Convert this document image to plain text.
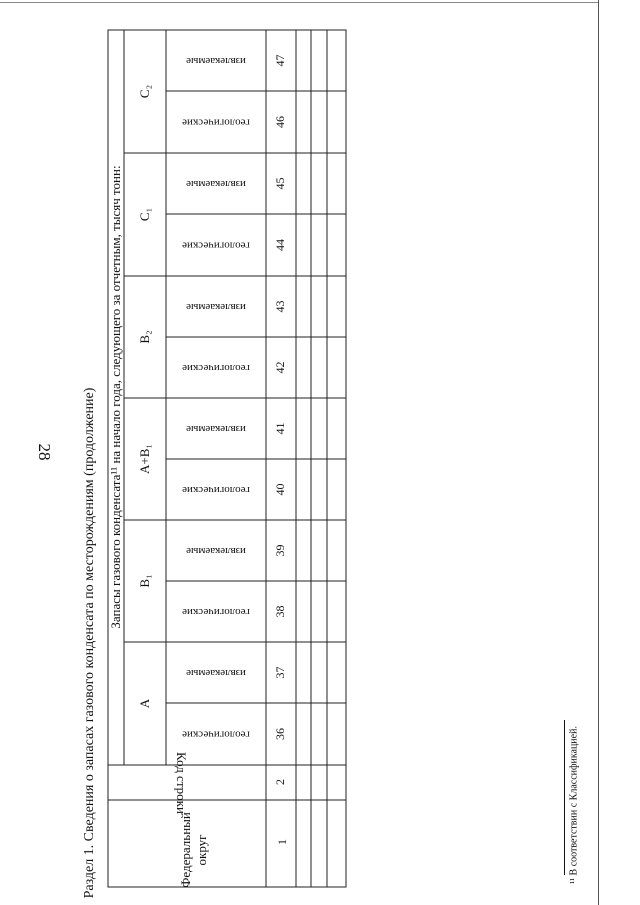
28 Раздел 1. Сведения о запасах газового конденсата по месторождениям (продолжение)	Федеральный округ
Код строки
1
2
Запасы газового конденсата¹¹ на начало года, следующего за отчетным, тысяч тонн:
A
геологические
извлекаемые
36
37
B₁
геологические
извлекаемые
38
39
A+B₁
геологические
извлекаемые
40
41
B₂
геологические
извлекаемые
42
43
C₁
геологические
извлекаемые
44
45
C₂
геологические
извлекаемые
46
47
¹¹ В соответствии с Классификацией.
